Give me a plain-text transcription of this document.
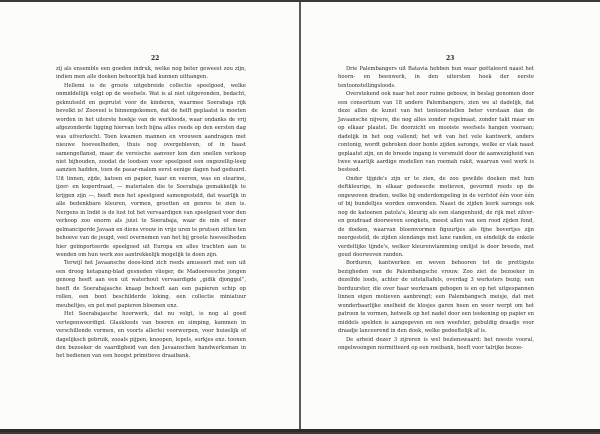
22

zij als ensemble een goeden indruk, welke nog beter geweest zou zijn, indien men alle doeken behoorlijk had kunnen uithangen.

Hellemi is de groote uitgebreide collectie speelgoed, welke onmiddellijk volgt op de weefsels. Wat is al niet uitgevonden, bedacht, geknutseld en geprutst voor de kinderen, waarmee Soerabaja rijk bevolkt is! Zooveel is binnengekomen, dat de helft geplaatst is moeten worden in het uiterste hoekje van de werkloods, waar ondanks de vrij afgezonderde ligging hiervan toch bijna alles reeds op den eersten dag was uitverkocht. Toen kwamen mannen en vrouwen aandragen met nieuwe hoeveelheden, thuis nog overgebleven, of in haast samengeflansd, maar de vereische aanvoer kon den snellen verkoop niet bijhouden, zoodat de loodsen voor speelgoed een ongezellig-leeg aanzien hadden, toen de pasar-malem eerst eenige dagen had geduurd. Uit linnen, zijde, katoen en papier, haar en veeren, was en stearine, ijzer- en koperdraad, — materialen die te Soerabaja gemakkelijk te krijgen zijn —, heeft men het speelgoed samengesteld, dat waarlijk in alle bedenkbare kleuren, vormen, grootten en genres te zien is. Nergens in Indië is de lust tot het vervaardigen van speelgoed voor den verkoop zoo enorm als juist te Soerabaja, waar de min of meer gelmanciperde Javaan en diens vrouw in vrije uren te prutsen zitten ten behoeve van de jeugd, veel overnemen van het bij groote hoeveelheden hier geïmporteerde speelgoed uit Europa en alles trachten aan te wenden om hun werk zoo aantrekkelijk mogelijk te doen zijn.

Terwijl het Javaansche doos-kind zich reeds amuseert met een uit een droog ketapang-blad gesneden vlieger, de Madoereesche jongen genoeg heeft aan een uit waterhout vervaardigde „gidik djonggol”, heeft de Soerabajasche knaap behoeft aan een papieren schip op rollen, een bont beschilderde loking, een collectie miniatuur meubeltjes, en pet met papieren bloemen enz.

Het Soerabajasche hoorwerk, dat nu volgt, is nog al goed vertegenwoordigd. Glaskleeds van boeren en simping, kammen in verschillende vormen, en voorts allerlei voorwerpen, voor huiselijk of dagelijksch gebruik, zooals pijpen, knoopen, lepels, sorkjes enz. toonen den bezoeker de vaardigheid van den Javaanschen handwerksman in het bedienen van een hoogst primitieve draaibank.

23

Drie Palembangers uit Batavia hebben hun waar geëtaleerd naast het hoorn- en beenwerk, in den uitersten hoek der eerste tentoonstellingsloods.

Overstekend ook naar het zeer ruime gebouw, in beslag genomen door een consortium van 18 andere Palembangers, zien we al dadelijk, dat deze allen de kunst van het tentoonstellen beter verstaan dan de Javaansche nijvere, die nog alles zonder regelmaat, zonder takt maar en op elkaar plaatst. De doorzicht en mooiste weefsels hangen vooraan; dadelijk in het oog vallend; het wit van het vele kantwerk, anders contonig, wordt gebroken door bonte zijden sarongs, welke er vlak naast geplaatst zijn, en de breede ingang is versmuld door de aanwezigheid van twee waarlijk aardige modellen van roemah rakit, waarvan veel werk is besteed.

Onder tijgide's zijn er te zien, de zoo gewilde doeken met hun deftkleurige, in elkaar gedoescde motieven, gevormd reeds op de ongewoven draden, welke bij onderdompeling in de verfstof één voor één of bij bundeltjes worden omwonden. Naast de zijden leerk sarongs ook nog de katoenen patola's, kleurig als een slangenhuid, de rijk met zilver- en goudraad doorweven songkets, meest allen van een rood zijden fond, de doeken, waarvan bloemvormen figuurtjes als fijne bovertjes zijn neergesteld, de zijden slendangs met lane randen, en eindelijk de enkele verdeltijke tijnde's, welker kleurenvlamming omlijst is door breede, met goud doorweven randen.

Borduren, kantwerken en weven behooren tot de prettigste bezigheden van de Palembangsche vrouw. Zoo ziet de bezoeker in dezelfde loods, achter de uitstaltafels, overdag 3 werksters bezig; een borduurster, die over haar werkraam gebogen is en op het uitgespannen linnen eigen motieven aanbrengt; een Palembangsch meisje, dat met wonderbaarlijke snelheid de klosjes garen heen en weer werpt om het patroon te vormen, hetwelk op het nadel door een teekening op papier en middels spelden is aangegeven en een weefster, gebuldig draadje voor draadje lanceerend in den doek, welke gedeeltelijk af is.

De arbeid dezer 3 zijreren is wel bezienswaard; het noeste vooral, ongelwoongen normitteerd op een roeibank, heeft voor talrijke bezoe-
